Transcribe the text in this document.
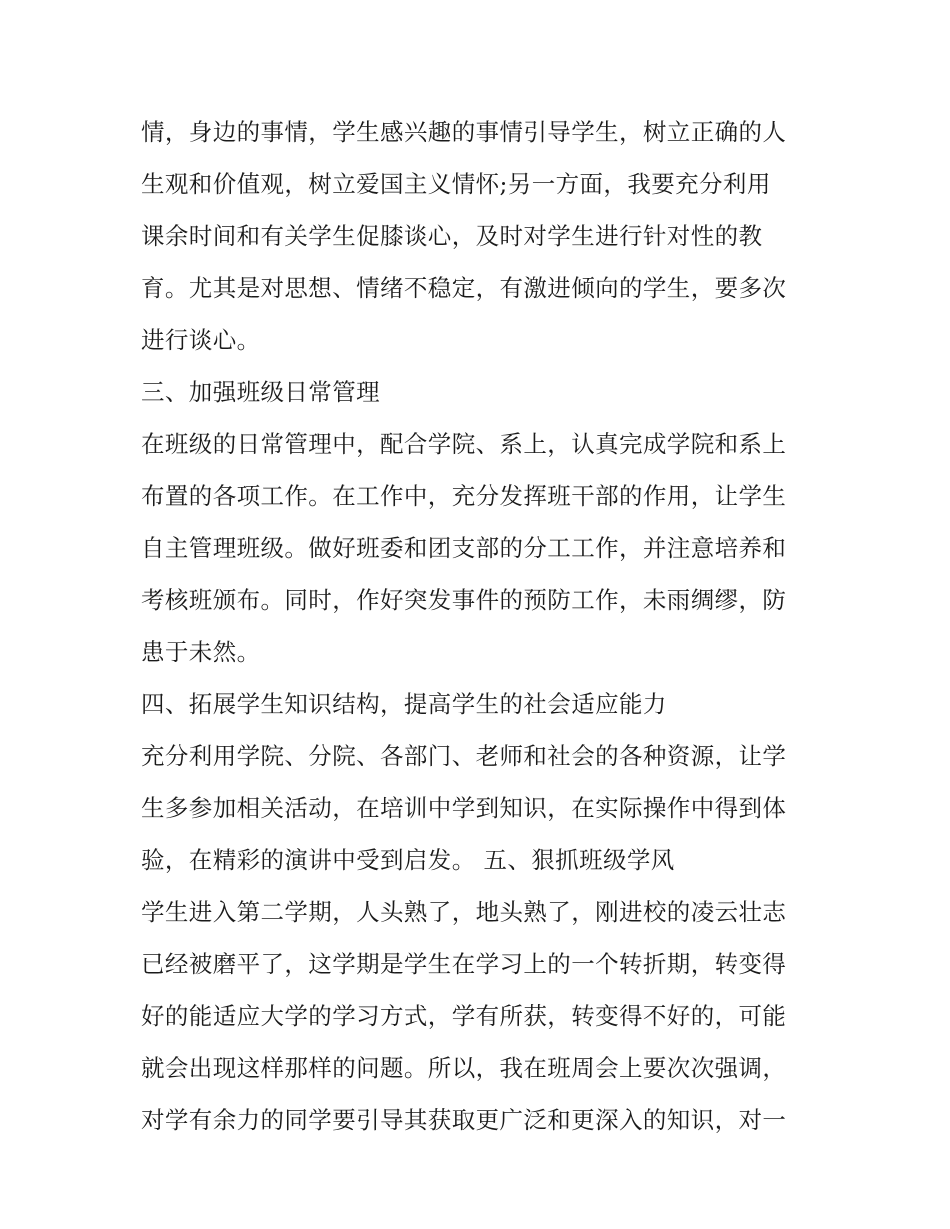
情，身边的事情，学生感兴趣的事情引导学生，树立正确的人
生观和价值观，树立爱国主义情怀;另一方面，我要充分利用
课余时间和有关学生促膝谈心，及时对学生进行针对性的教
育。尤其是对思想、情绪不稳定，有激进倾向的学生，要多次
进行谈心。
三、加强班级日常管理
在班级的日常管理中，配合学院、系上，认真完成学院和系上
布置的各项工作。在工作中，充分发挥班干部的作用，让学生
自主管理班级。做好班委和团支部的分工工作，并注意培养和
考核班颁布。同时，作好突发事件的预防工作，未雨绸缪，防
患于未然。
四、拓展学生知识结构，提高学生的社会适应能力
充分利用学院、分院、各部门、老师和社会的各种资源，让学
生多参加相关活动，在培训中学到知识，在实际操作中得到体
验，在精彩的演讲中受到启发。 五、狠抓班级学风
学生进入第二学期，人头熟了，地头熟了，刚进校的凌云壮志
已经被磨平了，这学期是学生在学习上的一个转折期，转变得
好的能适应大学的学习方式，学有所获，转变得不好的，可能
就会出现这样那样的问题。所以，我在班周会上要次次强调，
对学有余力的同学要引导其获取更广泛和更深入的知识，对一
